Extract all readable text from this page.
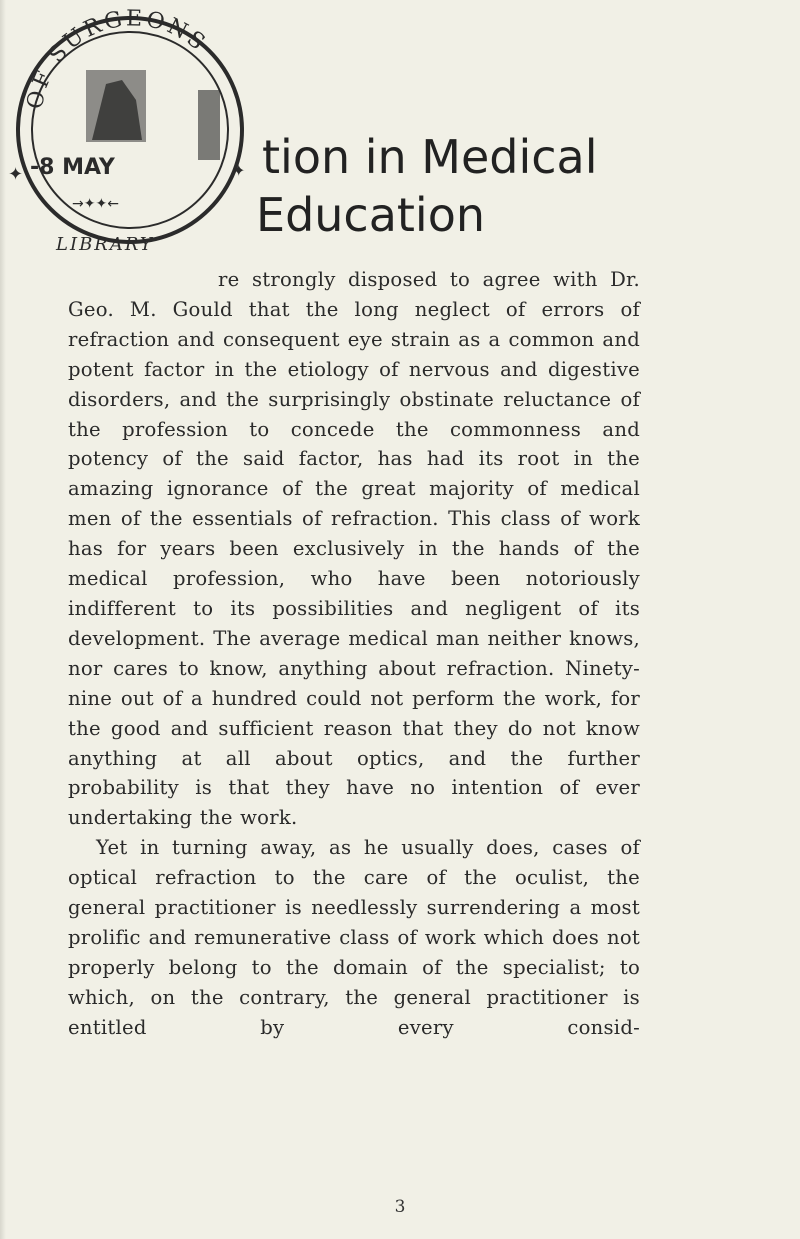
OF SURGEONS
-8 MAY
→✦✦←
LIBRARY
✦	✦ tion in Medical
Education

re strongly disposed to agree with Dr. Geo. M. Gould that the long neglect of errors of refraction and consequent eye strain as a common and potent factor in the etiology of nervous and digestive disorders, and the surprisingly obstinate reluctance of the profession to concede the commonness and potency of the said factor, has had its root in the amazing ignorance of the great majority of medical men of the essentials of refraction. This class of work has for years been exclusively in the hands of the medical profession, who have been notoriously indifferent to its possibilities and negligent of its development. The average medical man neither knows, nor cares to know, anything about refraction. Ninety-nine out of a hundred could not perform the work, for the good and sufficient reason that they do not know anything at all about optics, and the further probability is that they have no intention of ever undertaking the work.

Yet in turning away, as he usually does, cases of optical refraction to the care of the oculist, the general practitioner is needlessly surrendering a most prolific and remunerative class of work which does not properly belong to the domain of the specialist; to which, on the contrary, the general practitioner is entitled by every consid-

3
